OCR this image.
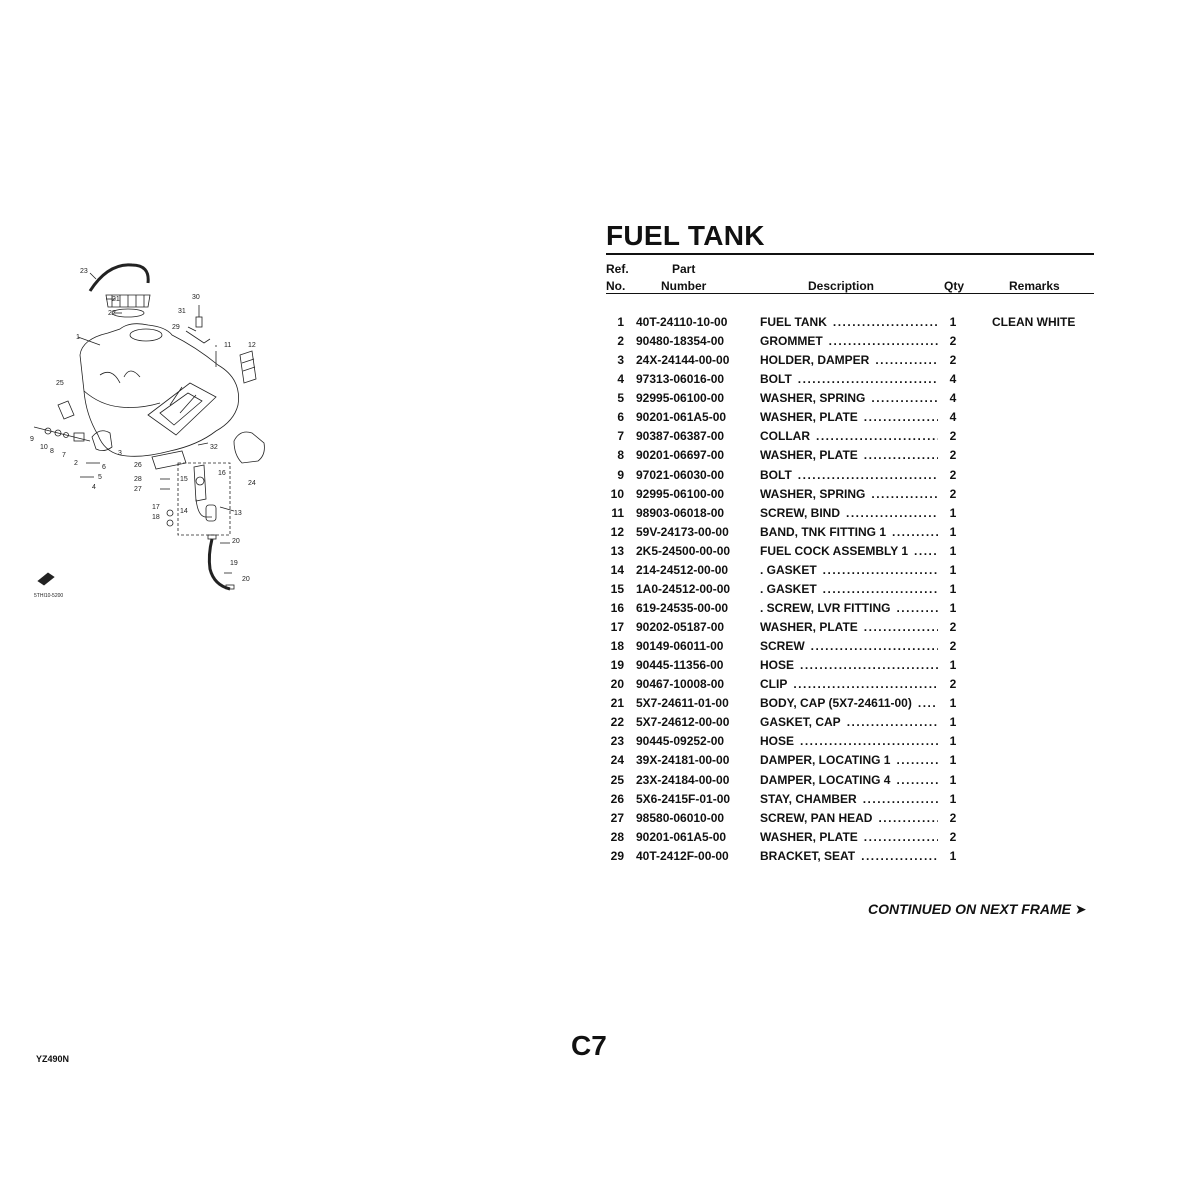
23
21
22
30
31
29
1
11 12
25
9
10
8
7
2
3
6
5
4
32
24
26
28
27
15
16
13
17
18
14
20
19
20
5THI10-5200
FUEL TANK
Ref.
No.
Part
Number	Description	Qty	Remarks
1 40T-24110-10-00	FUEL TANK .....	1	CLEAN WHITE
2 90480-18354-00	GROMMET .....	2
3 24X-24144-00-00	HOLDER, DAMPER .....	2
4 97313-06016-00	BOLT .....	4
5 92995-06100-00	WASHER, SPRING .....	4
6 90201-061A5-00	WASHER, PLATE .....	4
7 90387-06387-00	COLLAR .....	2
8 90201-06697-00	WASHER, PLATE .....	2
9 97021-06030-00	BOLT .....	2
10 92995-06100-00	WASHER, SPRING .....	2
11 98903-06018-00	SCREW, BIND .....	1
12 59V-24173-00-00	BAND, TNK FITTING 1 .....	1
13 2K5-24500-00-00 FUEL COCK ASSEMBLY 1 .....	1
14 214-24512-00-00	. GASKET .....	1
15 1A0-24512-00-00 . GASKET .....	1
16 619-24535-00-00	. SCREW, LVR FITTING .....	1
17 90202-05187-00	WASHER, PLATE .....	2
18 90149-06011-00	SCREW .....	2
19 90445-11356-00	HOSE .....	1
20 90467-10008-00	CLIP .....	2
21 5X7-24611-01-00	BODY, CAP (5X7-24611-00) .....	1
22 5X7-24612-00-00	GASKET, CAP .....	1
23 90445-09252-00	HOSE .....	1
24 39X-24181-00-00	DAMPER, LOCATING 1 .....	1
25 23X-24184-00-00	DAMPER, LOCATING 4 .....	1
26 5X6-2415F-01-00 STAY, CHAMBER .....	1
27 98580-06010-00	SCREW, PAN HEAD .....	2
28 90201-061A5-00	WASHER, PLATE .....	2
29 40T-2412F-00-00	BRACKET, SEAT .....	1
CONTINUED ON NEXT FRAME ➤
C7
YZ490N
